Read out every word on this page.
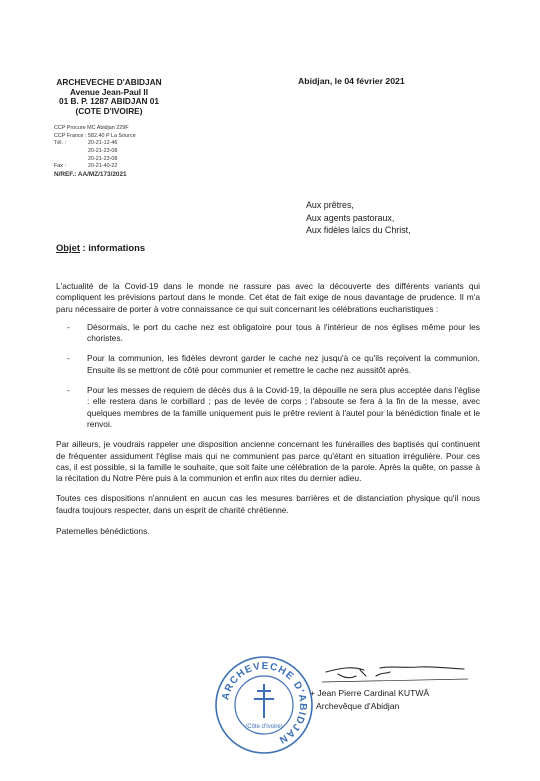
ARCHEVECHE D'ABIDJAN
Avenue Jean-Paul II
01 B. P. 1287 ABIDJAN 01
(COTE D'IVOIRE)
Abidjan, le 04 février 2021
CCP Procure MC Abidjan 229F
CCP France : 582.40 P La Source
Tél. :	20-21-12-46
20-21-23-08
20-21-23-08
Fax :	20-21-40-22
N/REF.: AA/MZ/173/2021
Aux prêtres,
Aux agents pastoraux,
Aux fidèles laïcs du Christ,
Objet : informations

L'actualité de la Covid-19 dans le monde ne rassure pas avec la découverte des différents variants qui compliquent les prévisions partout dans le monde. Cet état de fait exige de nous davantage de prudence. Il m'a paru nécessaire de porter à votre connaissance ce qui suit concernant les célébrations eucharistiques :

- Désormais, le port du cache nez est obligatoire pour tous à l'intérieur de nos églises même pour les choristes.
- Pour la communion, les fidèles devront garder le cache nez jusqu'à ce qu'ils reçoivent la communion. Ensuite ils se mettront de côté pour communier et remettre le cache nez aussitôt après.
- Pour les messes de requiem de décès dus à la Covid-19, la dépouille ne sera plus acceptée dans l'église : elle restera dans le corbillard ; pas de levée de corps ; l'absoute se fera à la fin de la messe, avec quelques membres de la famille uniquement puis le prêtre revient à l'autel pour la bénédiction finale et le renvoi.

Par ailleurs, je voudrais rappeler une disposition ancienne concernant les funérailles des baptisés qui continuent de fréquenter assidument l'église mais qui ne communient pas parce qu'étant en situation irrégulière. Pour ces cas, il est possible, si la famille le souhaite, que soit faite une célébration de la parole. Après la quête, on passe à la récitation du Notre Père puis à la communion et enfin aux rites du dernier adieu.

Toutes ces dispositions n'annulent en aucun cas les mesures barrières et de distanciation physique qu'il nous faudra toujours respecter, dans un esprit de charité chrétienne.

Paternelles bénédictions.

ARCHEVECHE D'ABIDJAN
(Côte d'Ivoire)
+ Jean Pierre Cardinal KUTWÂ
Archevêque d'Abidjan
